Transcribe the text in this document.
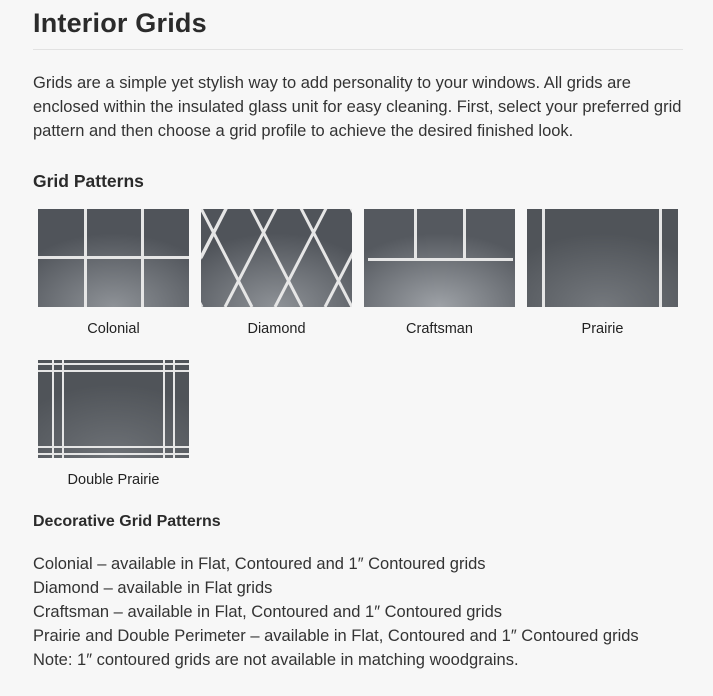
Interior Grids

Grids are a simple yet stylish way to add personality to your windows. All grids are enclosed within the insulated glass unit for easy cleaning. First, select your preferred grid pattern and then choose a grid profile to achieve the desired finished look.

Grid Patterns
Colonial	Diamond	Craftsman	Prairie
Double Prairie
Decorative Grid Patterns
Colonial – available in Flat, Contoured and 1″ Contoured grids
Diamond – available in Flat grids
Craftsman – available in Flat, Contoured and 1″ Contoured grids
Prairie and Double Perimeter – available in Flat, Contoured and 1″ Contoured grids
Note: 1″ contoured grids are not available in matching woodgrains.
